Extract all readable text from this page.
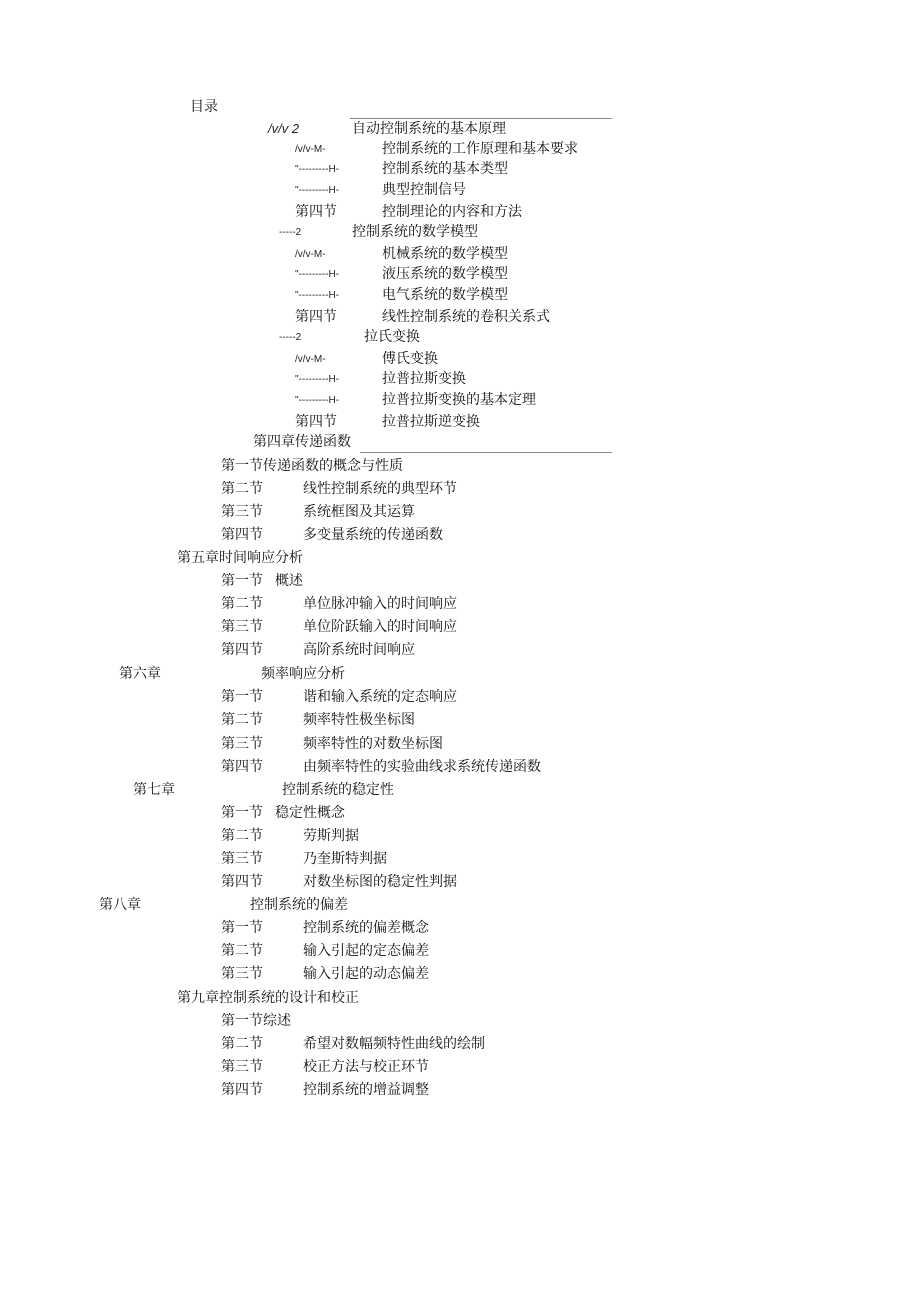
目录
/v/v 2	自动控制系统的基本原理
/v/v-M-	控制系统的工作原理和基本要求
"---------H-	控制系统的基本类型
"---------H-	典型控制信号
第四节	控制理论的内容和方法
-----2	控制系统的数学模型
/v/v-M-	机械系统的数学模型
"---------H-	液压系统的数学模型
"---------H-	电气系统的数学模型
第四节	线性控制系统的卷积关系式
-----2	拉氏变换
/v/v-M-	傅氏变换
"---------H-	拉普拉斯变换
"---------H-	拉普拉斯变换的基本定理
第四节	拉普拉斯逆变换
第四章传递函数
第一节传递函数的概念与性质
第二节	线性控制系统的典型环节
第三节	系统框图及其运算
第四节	多变量系统的传递函数
第五章时间响应分析
第一节 概述
第二节	单位脉冲输入的时间响应
第三节	单位阶跃输入的时间响应
第四节	高阶系统时间响应
第六章	频率响应分析
第一节	谐和输入系统的定态响应
第二节	频率特性极坐标图
第三节	频率特性的对数坐标图
第四节	由频率特性的实验曲线求系统传递函数
第七章	控制系统的稳定性
第一节 稳定性概念
第二节	劳斯判据
第三节	乃奎斯特判据
第四节	对数坐标图的稳定性判据
第八章	控制系统的偏差
第一节	控制系统的偏差概念
第二节	输入引起的定态偏差
第三节	输入引起的动态偏差
第九章控制系统的设计和校正
第一节综述
第二节	希望对数幅频特性曲线的绘制
第三节	校正方法与校正环节
第四节	控制系统的增益调整
